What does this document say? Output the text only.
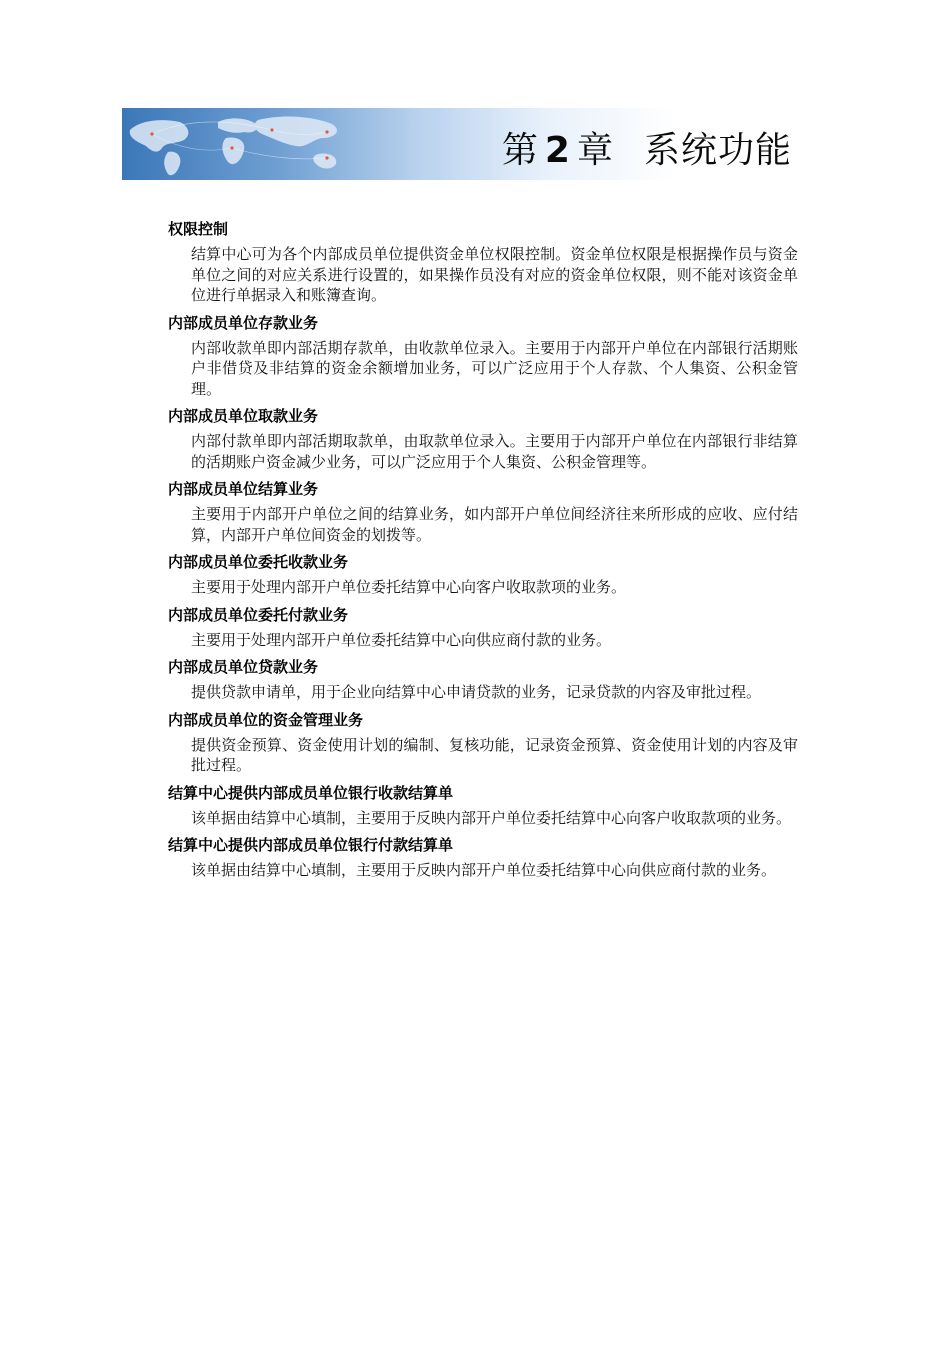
第 2 章 系统功能
权限控制
结算中心可为各个内部成员单位提供资金单位权限控制。资金单位权限是根据操作员与资金单位之间的对应关系进行设置的，如果操作员没有对应的资金单位权限，则不能对该资金单位进行单据录入和账簿查询。
内部成员单位存款业务
内部收款单即内部活期存款单，由收款单位录入。主要用于内部开户单位在内部银行活期账户非借贷及非结算的资金余额增加业务，可以广泛应用于个人存款、个人集资、公积金管理。
内部成员单位取款业务
内部付款单即内部活期取款单，由取款单位录入。主要用于内部开户单位在内部银行非结算的活期账户资金减少业务，可以广泛应用于个人集资、公积金管理等。
内部成员单位结算业务
主要用于内部开户单位之间的结算业务，如内部开户单位间经济往来所形成的应收、应付结算，内部开户单位间资金的划拨等。
内部成员单位委托收款业务
主要用于处理内部开户单位委托结算中心向客户收取款项的业务。
内部成员单位委托付款业务
主要用于处理内部开户单位委托结算中心向供应商付款的业务。
内部成员单位贷款业务
提供贷款申请单，用于企业向结算中心申请贷款的业务，记录贷款的内容及审批过程。
内部成员单位的资金管理业务
提供资金预算、资金使用计划的编制、复核功能，记录资金预算、资金使用计划的内容及审批过程。
结算中心提供内部成员单位银行收款结算单
该单据由结算中心填制，主要用于反映内部开户单位委托结算中心向客户收取款项的业务。
结算中心提供内部成员单位银行付款结算单
该单据由结算中心填制，主要用于反映内部开户单位委托结算中心向供应商付款的业务。
